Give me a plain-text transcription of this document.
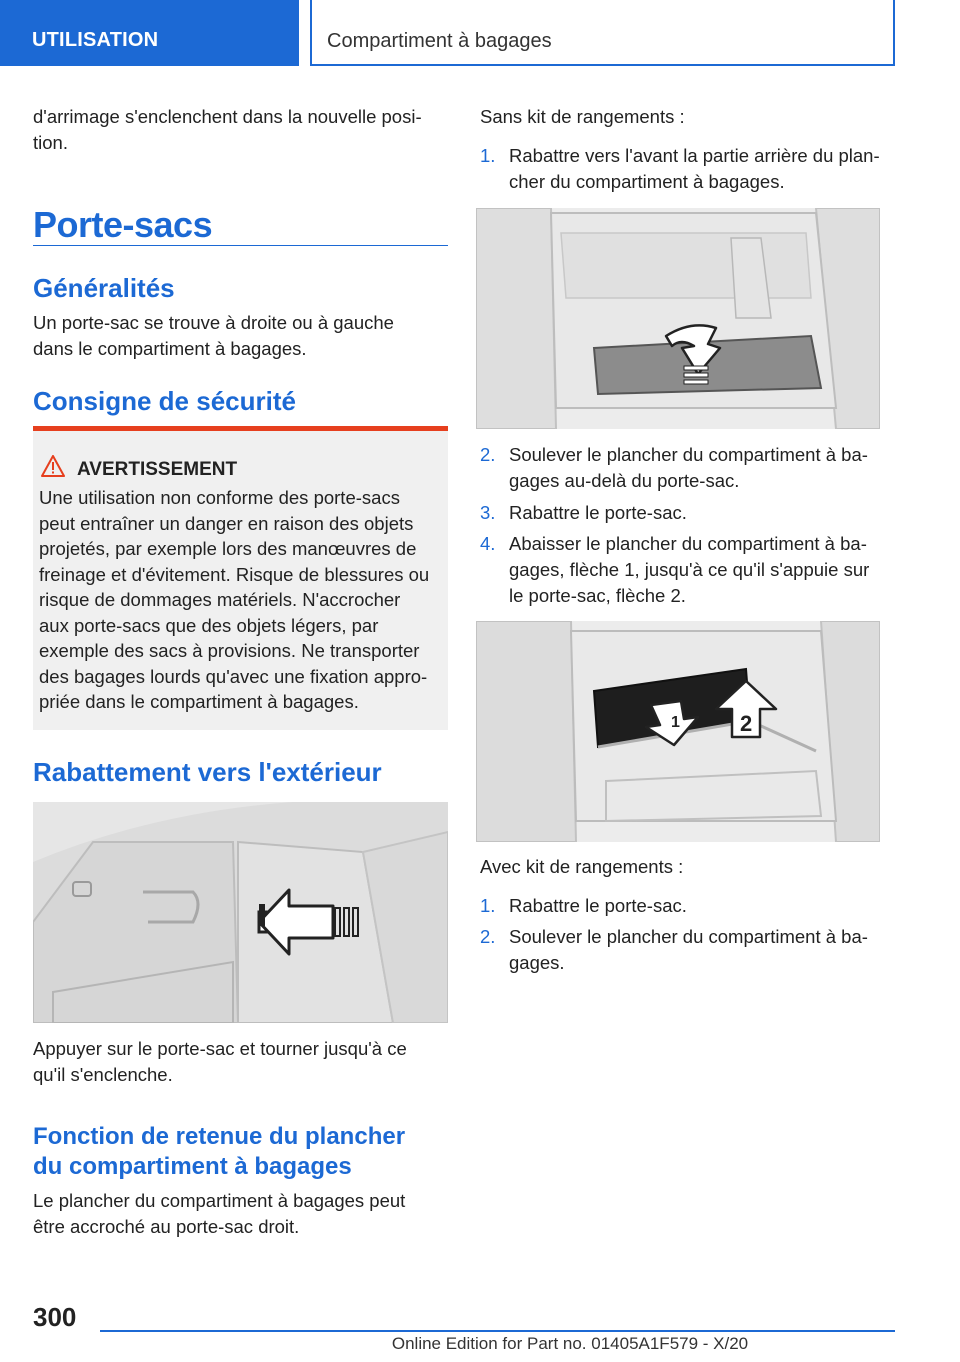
UTILISATION	Compartiment à bagages
d'arrimage s'enclenchent dans la nouvelle posi-
tion.
Porte-sacs
Généralités
Un porte-sac se trouve à droite ou à gauche
dans le compartiment à bagages.
Consigne de sécurité
AVERTISSEMENT
Une utilisation non conforme des porte-sacs
peut entraîner un danger en raison des objets
projetés, par exemple lors des manœuvres de
freinage et d'évitement. Risque de blessures ou
risque de dommages matériels. N'accrocher
aux porte-sacs que des objets légers, par
exemple des sacs à provisions. Ne transporter
des bagages lourds qu'avec une fixation appro-
priée dans le compartiment à bagages.
Rabattement vers l'extérieur
Appuyer sur le porte-sac et tourner jusqu'à ce
qu'il s'enclenche.
Fonction de retenue du plancher
du compartiment à bagages
Le plancher du compartiment à bagages peut
être accroché au porte-sac droit.
Sans kit de rangements :
1. Rabattre vers l'avant la partie arrière du plan-
cher du compartiment à bagages.
2. Soulever le plancher du compartiment à ba-
gages au-delà du porte-sac.
3. Rabattre le porte-sac.
4. Abaisser le plancher du compartiment à ba-
gages, flèche 1, jusqu'à ce qu'il s'appuie sur
le porte-sac, flèche 2.
1	2
Avec kit de rangements :
1. Rabattre le porte-sac.
2. Soulever le plancher du compartiment à ba-
gages.
300
Online Edition for Part no. 01405A1F579 - X/20
